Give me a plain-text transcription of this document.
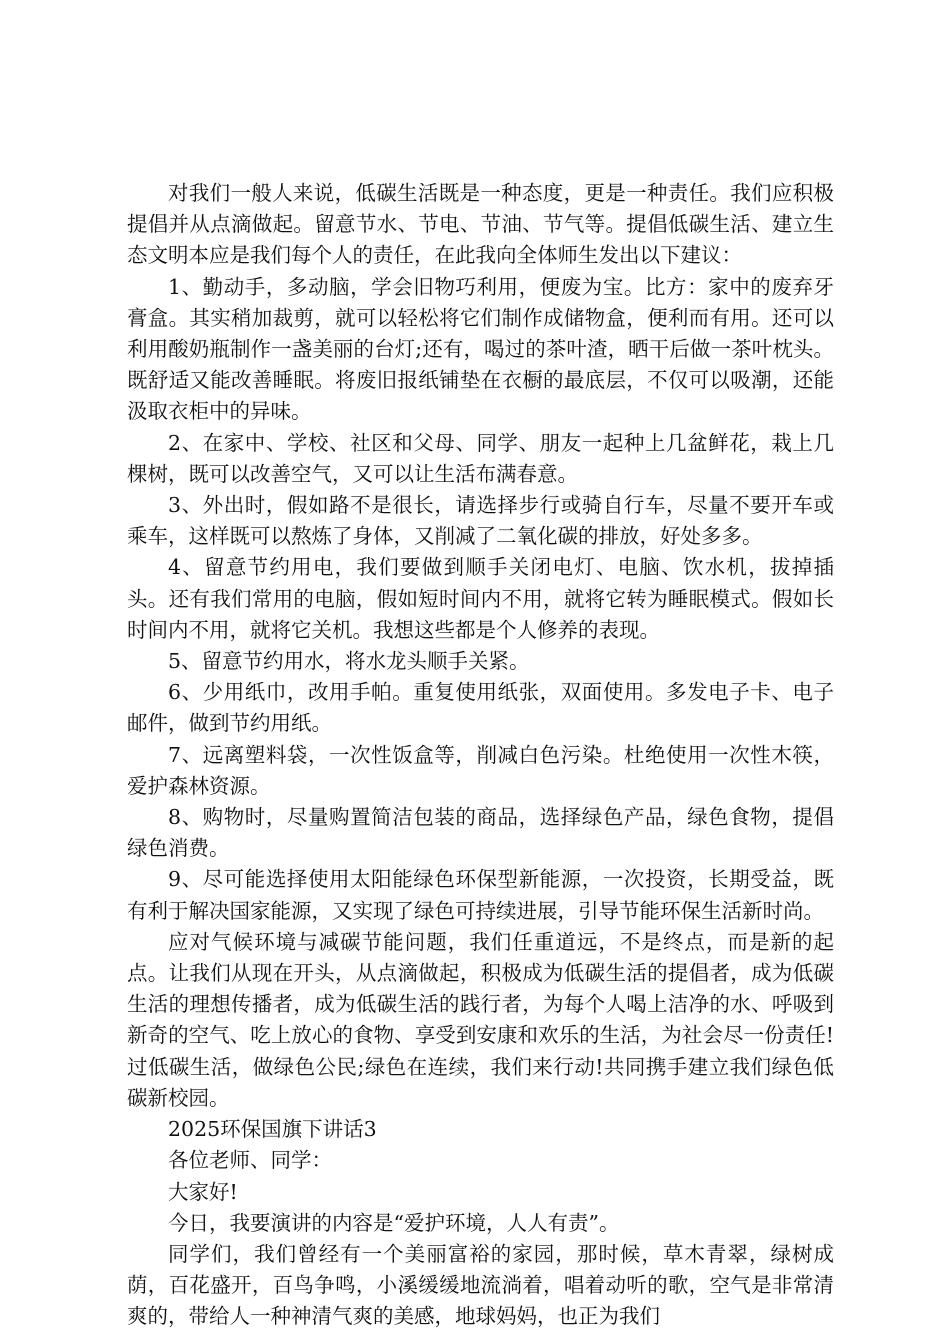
对我们一般人来说，低碳生活既是一种态度，更是一种责任。我们应积极提倡并从点滴做起。留意节水、节电、节油、节气等。提倡低碳生活、建立生态文明本应是我们每个人的责任，在此我向全体师生发出以下建议：

1、勤动手，多动脑，学会旧物巧利用，便废为宝。比方：家中的废弃牙膏盒。其实稍加裁剪，就可以轻松将它们制作成储物盒，便利而有用。还可以利用酸奶瓶制作一盏美丽的台灯;还有，喝过的茶叶渣，晒干后做一茶叶枕头。既舒适又能改善睡眠。将废旧报纸铺垫在衣橱的最底层，不仅可以吸潮，还能汲取衣柜中的异味。

2、在家中、学校、社区和父母、同学、朋友一起种上几盆鲜花，栽上几棵树，既可以改善空气，又可以让生活布满春意。

3、外出时，假如路不是很长，请选择步行或骑自行车，尽量不要开车或乘车，这样既可以熬炼了身体，又削减了二氧化碳的排放，好处多多。

4、留意节约用电，我们要做到顺手关闭电灯、电脑、饮水机，拔掉插头。还有我们常用的电脑，假如短时间内不用，就将它转为睡眠模式。假如长时间内不用，就将它关机。我想这些都是个人修养的表现。

5、留意节约用水，将水龙头顺手关紧。

6、少用纸巾，改用手帕。重复使用纸张，双面使用。多发电子卡、电子邮件，做到节约用纸。

7、远离塑料袋，一次性饭盒等，削减白色污染。杜绝使用一次性木筷，爱护森林资源。

8、购物时，尽量购置简洁包装的商品，选择绿色产品，绿色食物，提倡绿色消费。

9、尽可能选择使用太阳能绿色环保型新能源，一次投资，长期受益，既有利于解决国家能源，又实现了绿色可持续进展，引导节能环保生活新时尚。

应对气候环境与减碳节能问题，我们任重道远，不是终点，而是新的起点。让我们从现在开头，从点滴做起，积极成为低碳生活的提倡者，成为低碳生活的理想传播者，成为低碳生活的践行者，为每个人喝上洁净的水、呼吸到新奇的空气、吃上放心的食物、享受到安康和欢乐的生活，为社会尽一份责任!过低碳生活，做绿色公民;绿色在连续，我们来行动!共同携手建立我们绿色低碳新校园。

2025环保国旗下讲话3

各位老师、同学：

大家好!

今日，我要演讲的内容是“爱护环境，人人有责”。

同学们，我们曾经有一个美丽富裕的家园，那时候，草木青翠，绿树成荫，百花盛开，百鸟争鸣，小溪缓缓地流淌着，唱着动听的歌，空气是非常清爽的，带给人一种神清气爽的美感，地球妈妈，也正为我们
